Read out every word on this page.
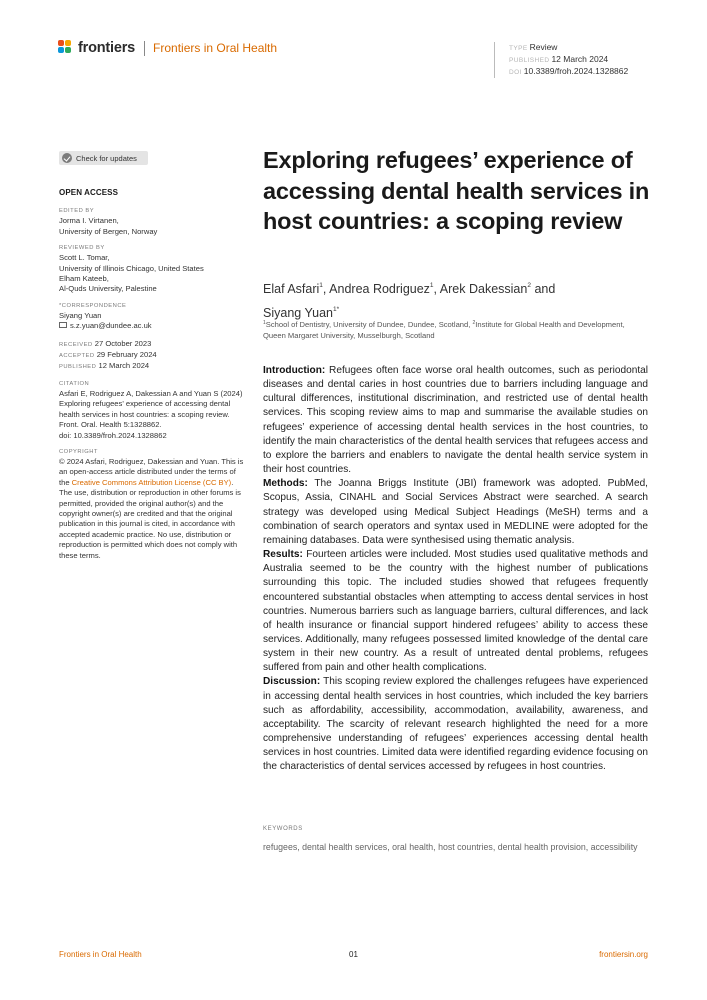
frontiers Frontiers in Oral Health	TYPE Review
PUBLISHED 12 March 2024
DOI 10.3389/froh.2024.1328862
Check for updates
OPEN ACCESS
EDITED BY
Jorma I. Virtanen,
University of Bergen, Norway
REVIEWED BY
Scott L. Tomar,
University of Illinois Chicago, United States
Elham Kateeb,
Al-Quds University, Palestine
*CORRESPONDENCE
Siyang Yuan
s.z.yuan@dundee.ac.uk
RECEIVED 27 October 2023
ACCEPTED 29 February 2024
PUBLISHED 12 March 2024
CITATION
Asfari E, Rodriguez A, Dakessian A and Yuan S (2024) Exploring refugees' experience of accessing dental health services in host countries: a scoping review.
Front. Oral. Health 5:1328862.
doi: 10.3389/froh.2024.1328862
COPYRIGHT
© 2024 Asfari, Rodriguez, Dakessian and Yuan. This is an open-access article distributed under the terms of the Creative Commons Attribution License (CC BY). The use, distribution or reproduction in other forums is permitted, provided the original author(s) and the copyright owner(s) are credited and that the original publication in this journal is cited, in accordance with accepted academic practice. No use, distribution or reproduction is permitted which does not comply with these terms.
Exploring refugees’ experience of accessing dental health services in host countries: a scoping review
Elaf Asfari$^1$, Andrea Rodriguez$^1$, Arek Dakessian$^2$ and
Siyang Yuan$^{1*}$
$^1$School of Dentistry, University of Dundee, Dundee, Scotland, $^2$Institute for Global Health and Development, Queen Margaret University, Musselburgh, Scotland

Introduction: Refugees often face worse oral health outcomes, such as periodontal diseases and dental caries in host countries due to barriers including language and cultural differences, institutional discrimination, and restricted use of dental health services. This scoping review aims to map and summarise the available studies on refugees’ experience of accessing dental health services in the host countries, to identify the main characteristics of the dental health services that refugees access and to explore the barriers and enablers to navigate the dental health service system in their host countries.

Methods: The Joanna Briggs Institute (JBI) framework was adopted. PubMed, Scopus, Assia, CINAHL and Social Services Abstract were searched. A search strategy was developed using Medical Subject Headings (MeSH) terms and a combination of search operators and syntax used in MEDLINE were adopted for the remaining databases. Data were synthesised using thematic analysis.

Results: Fourteen articles were included. Most studies used qualitative methods and Australia seemed to be the country with the highest number of publications surrounding this topic. The included studies showed that refugees frequently encountered substantial obstacles when attempting to access dental services in host countries. Numerous barriers such as language barriers, cultural differences, and lack of health insurance or financial support hindered refugees’ ability to access these services. Additionally, many refugees possessed limited knowledge of the dental care system in their new country. As a result of untreated dental problems, refugees suffered from pain and other health complications.

Discussion: This scoping review explored the challenges refugees have experienced in accessing dental health services in host countries, which included the key barriers such as affordability, accessibility, accommodation, availability, awareness, and acceptability. The scarcity of relevant research highlighted the need for a more comprehensive understanding of refugees’ experiences accessing dental health services in host countries. Limited data were identified regarding evidence focusing on the characteristics of dental services accessed by refugees in host countries.

KEYWORDS
refugees, dental health services, oral health, host countries, dental health provision, accessibility
Frontiers in Oral Health	01	frontiersin.org
